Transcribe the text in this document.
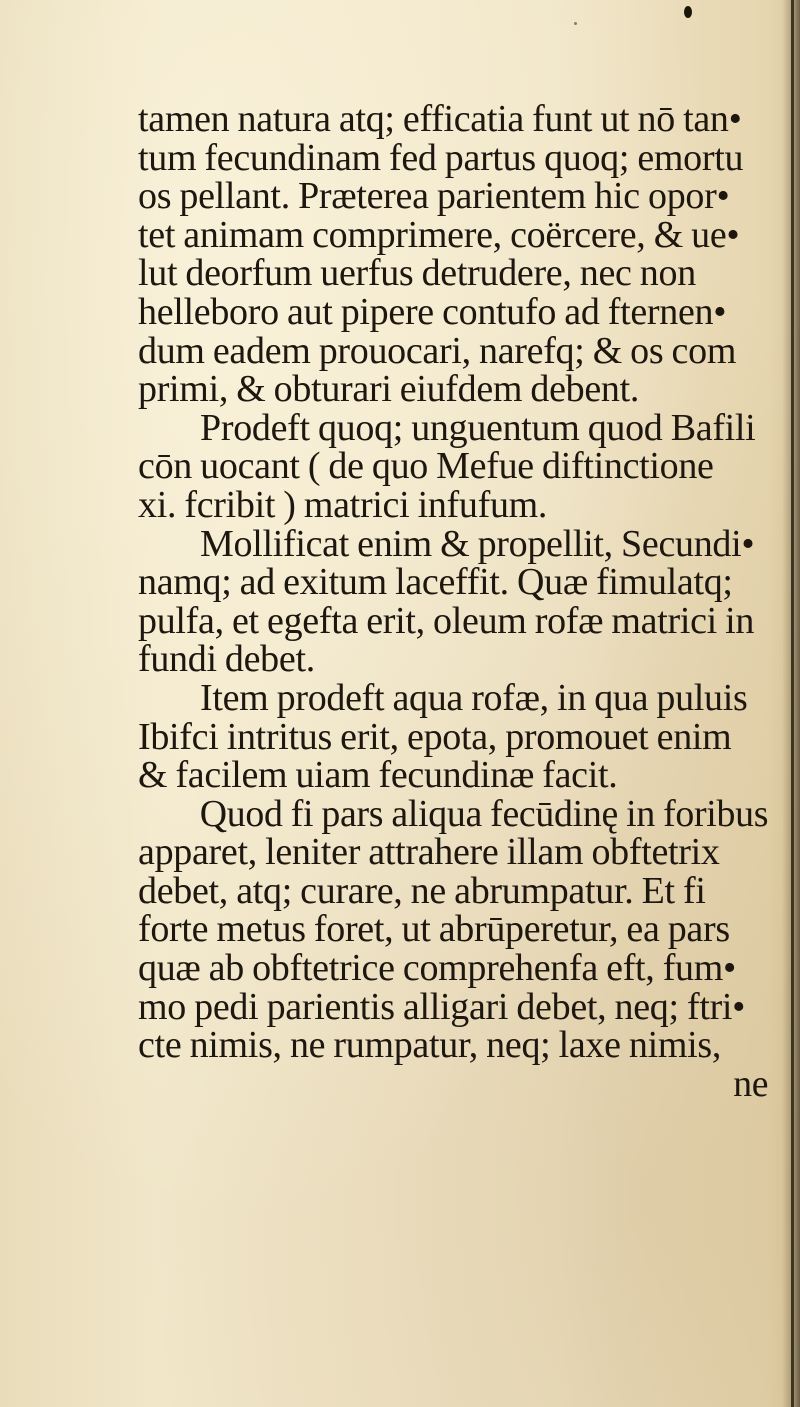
tamen natura atq; efficatia funt ut nō tan•
tum fecundinam fed partus quoq; emortu
os pellant. Præterea parientem hic opor•
tet animam comprimere, coërcere, & ue•
lut deorfum uerfus detrudere, nec non
helleboro aut pipere contufo ad fternen•
dum eadem prouocari, narefq; & os com
primi, & obturari eiufdem debent.
Prodeft quoq; unguentum quod Bafili
cōn uocant ( de quo Mefue diftinctione
xi. fcribit ) matrici infufum.
Mollificat enim & propellit, Secundi•
namq; ad exitum laceffit. Quæ fimulatq;
pulfa, et egefta erit, oleum rofæ matrici in
fundi debet.
Item prodeft aqua rofæ, in qua puluis
Ibifci intritus erit, epota, promouet enim
& facilem uiam fecundinæ facit.
Quod fi pars aliqua fecūdinę in foribus
apparet, leniter attrahere illam obftetrix
debet, atq; curare, ne abrumpatur. Et fi
forte metus foret, ut abrūperetur, ea pars
quæ ab obftetrice comprehenfa eft, fum•
mo pedi parientis alligari debet, neq; ftri•
cte nimis, ne rumpatur, neq; laxe nimis,
ne
